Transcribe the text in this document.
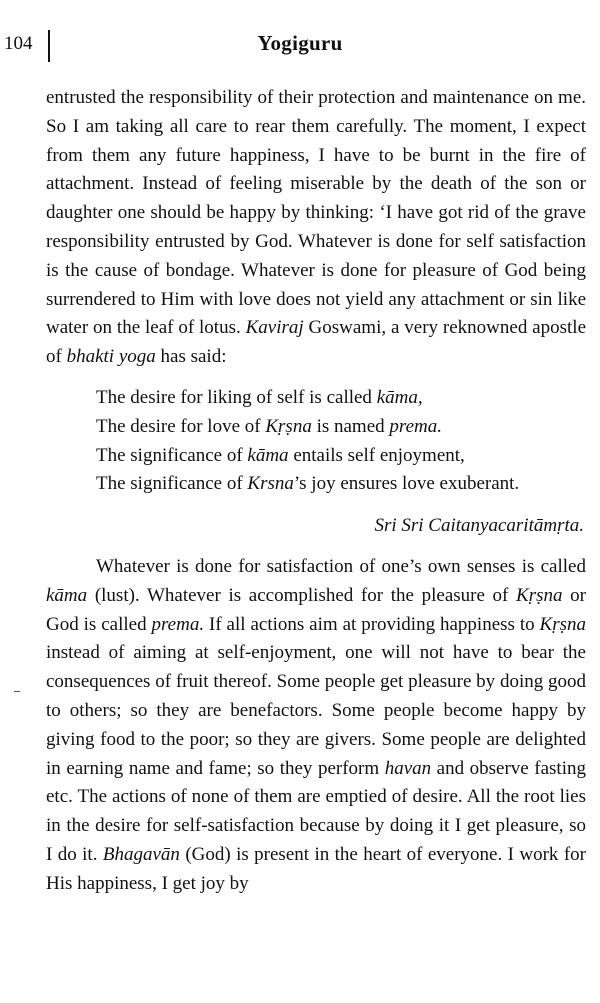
104	Yogiguru

entrusted the responsibility of their protection and maintenance on me. So I am taking all care to rear them carefully. The moment, I expect from them any future happiness, I have to be burnt in the fire of attachment. Instead of feeling miserable by the death of the son or daughter one should be happy by thinking: ‘I have got rid of the grave responsibility entrusted by God. Whatever is done for self satisfaction is the cause of bondage. Whatever is done for pleasure of God being surrendered to Him with love does not yield any attachment or sin like water on the leaf of lotus. Kaviraj Goswami, a very reknowned apostle of bhakti yoga has said:

The desire for liking of self is called kāma,
The desire for love of Kṛṣna is named prema.
The significance of kāma entails self enjoyment,
The significance of Krsna’s joy ensures love exuberant.
Sri Sri Caitanyacaritāmṛta.

Whatever is done for satisfaction of one’s own senses is called kāma (lust). Whatever is accomplished for the pleasure of Kṛṣna or God is called prema. If all actions aim at providing happiness to Kṛṣna instead of aiming at self-enjoyment, one will not have to bear the consequences of fruit thereof. Some people get pleasure by doing good to others; so they are benefactors. Some people become happy by giving food to the poor; so they are givers. Some people are delighted in earning name and fame; so they perform havan and observe fasting etc. The actions of none of them are emptied of desire. All the root lies in the desire for self-satisfaction because by doing it I get pleasure, so I do it. Bhagavān (God) is present in the heart of everyone. I work for His happiness, I get joy by
